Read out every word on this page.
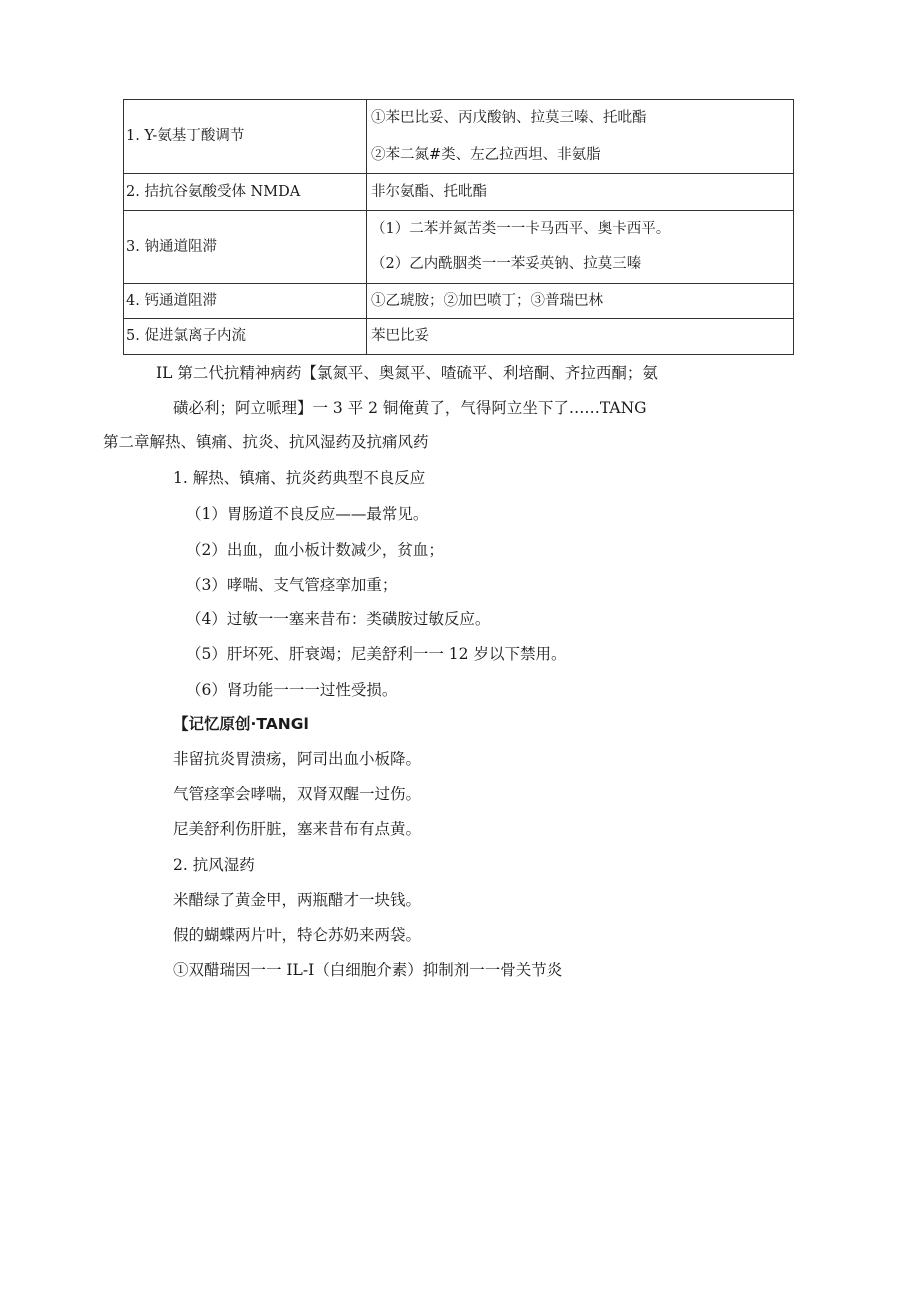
1. Y-氨基丁酸调节	①苯巴比妥、丙戊酸钠、拉莫三嗪、托吡酯
②苯二氮#类、左乙拉西坦、非氨脂

2. 拮抗谷氨酸受体 NMDA	非尔氨酯、托吡酯

3. 钠通道阻滞	（1）二苯并氮苦类一一卡马西平、奥卡西平。
（2）乙内酰胭类一一苯妥英钠、拉莫三嗪

4. 钙通道阻滞	①乙琥胺；②加巴喷丁；③普瑞巴林

5. 促进氯离子内流	苯巴比妥
IL 第二代抗精神病药【氯氮平、奥氮平、喳硫平、利培酮、齐拉西酮；氨
磺必利；阿立哌理】一 3 平 2 铜俺黄了，气得阿立坐下了……TANG
第二章解热、镇痛、抗炎、抗风湿药及抗痛风药
1. 解热、镇痛、抗炎药典型不良反应
（1）胃肠道不良反应——最常见。
（2）出血，血小板计数减少，贫血；
（3）哮喘、支气管痉挛加重；
（4）过敏一一塞来昔布：类磺胺过敏反应。
（5）肝坏死、肝衰竭；尼美舒利一一 12 岁以下禁用。
（6）肾功能一一一过性受损。
【记忆原创·TANGl
非留抗炎胃溃疡，阿司出血小板降。
气管痉挛会哮喘，双肾双醒一过伤。
尼美舒利伤肝脏，塞来昔布有点黄。
2. 抗风湿药
米醋绿了黄金甲，两瓶醋才一块钱。
假的蝴蝶两片叶，特仑苏奶来两袋。
①双醋瑞因一一 IL-I（白细胞介素）抑制剂一一骨关节炎
